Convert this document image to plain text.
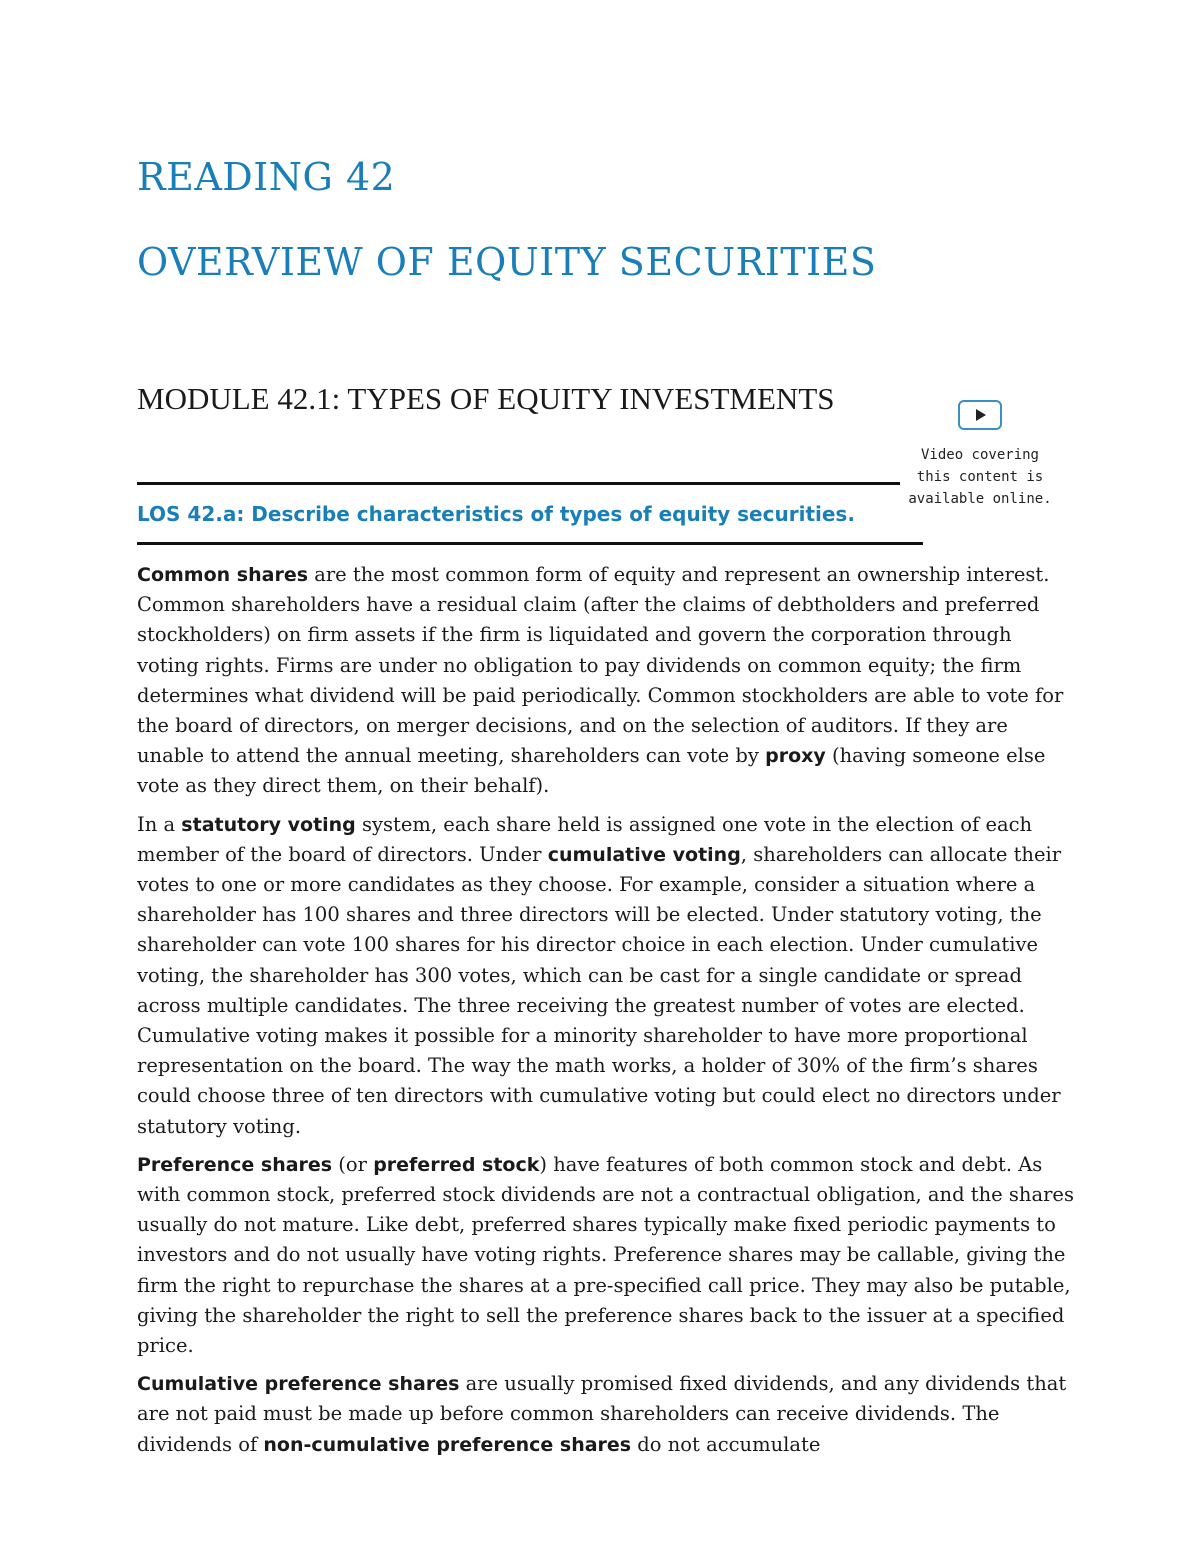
READING 42
OVERVIEW OF EQUITY SECURITIES
MODULE 42.1: TYPES OF EQUITY INVESTMENTS
Video covering this content is available online.

LOS 42.a: Describe characteristics of types of equity securities.

Common shares are the most common form of equity and represent an ownership interest. Common shareholders have a residual claim (after the claims of debtholders and preferred stockholders) on firm assets if the firm is liquidated and govern the corporation through voting rights. Firms are under no obligation to pay dividends on common equity; the firm determines what dividend will be paid periodically. Common stockholders are able to vote for the board of directors, on merger decisions, and on the selection of auditors. If they are unable to attend the annual meeting, shareholders can vote by proxy (having someone else vote as they direct them, on their behalf).

In a statutory voting system, each share held is assigned one vote in the election of each member of the board of directors. Under cumulative voting, shareholders can allocate their votes to one or more candidates as they choose. For example, consider a situation where a shareholder has 100 shares and three directors will be elected. Under statutory voting, the shareholder can vote 100 shares for his director choice in each election. Under cumulative voting, the shareholder has 300 votes, which can be cast for a single candidate or spread across multiple candidates. The three receiving the greatest number of votes are elected. Cumulative voting makes it possible for a minority shareholder to have more proportional representation on the board. The way the math works, a holder of 30% of the firm’s shares could choose three of ten directors with cumulative voting but could elect no directors under statutory voting.

Preference shares (or preferred stock) have features of both common stock and debt. As with common stock, preferred stock dividends are not a contractual obligation, and the shares usually do not mature. Like debt, preferred shares typically make fixed periodic payments to investors and do not usually have voting rights. Preference shares may be callable, giving the firm the right to repurchase the shares at a pre-specified call price. They may also be putable, giving the shareholder the right to sell the preference shares back to the issuer at a specified price.

Cumulative preference shares are usually promised fixed dividends, and any dividends that are not paid must be made up before common shareholders can receive dividends. The dividends of non-cumulative preference shares do not accumulate
